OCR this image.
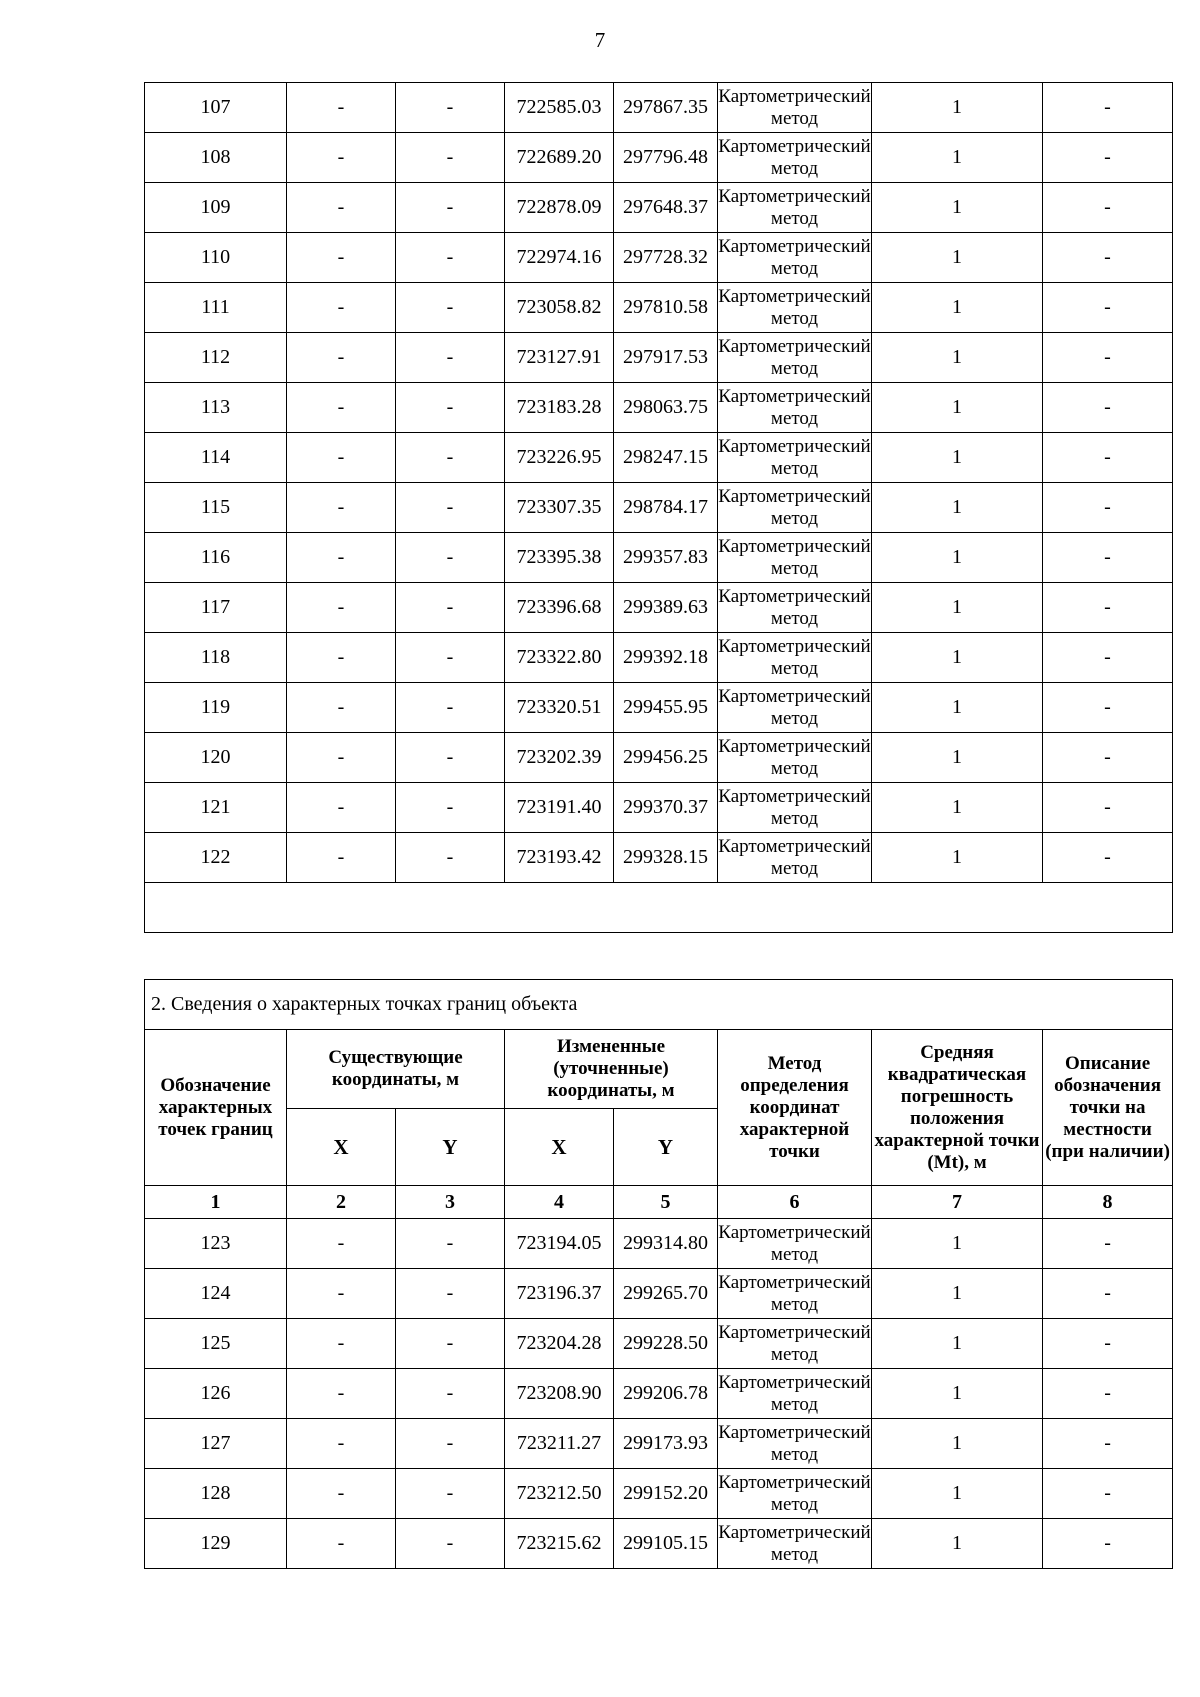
7
107	-	-	722585.03	297867.35	Картометрический метод	1	-
108	-	-	722689.20	297796.48	Картометрический метод	1	-
109	-	-	722878.09	297648.37	Картометрический метод	1	-
110	-	-	722974.16	297728.32	Картометрический метод	1	-
111	-	-	723058.82	297810.58	Картометрический метод	1	-
112	-	-	723127.91	297917.53	Картометрический метод	1	-
113	-	-	723183.28	298063.75	Картометрический метод	1	-
114	-	-	723226.95	298247.15	Картометрический метод	1	-
115	-	-	723307.35	298784.17	Картометрический метод	1	-
116	-	-	723395.38	299357.83	Картометрический метод	1	-
117	-	-	723396.68	299389.63	Картометрический метод	1	-
118	-	-	723322.80	299392.18	Картометрический метод	1	-
119	-	-	723320.51	299455.95	Картометрический метод	1	-
120	-	-	723202.39	299456.25	Картометрический метод	1	-
121	-	-	723191.40	299370.37	Картометрический метод	1	-
122	-	-	723193.42	299328.15	Картометрический метод	1	-

2. Сведения о характерных точках границ объекта							
Обозначение характерных точек границ	Существующие координаты, м		Измененные (уточненные) координаты, м		Метод определения координат характерной точки	Средняя квадратическая погрешность положения характерной точки (Mt), м	Описание обозначения точки на местности (при наличии)
	X	Y	X	Y			
1	2	3	4	5	6	7	8
123	-	-	723194.05	299314.80	Картометрический метод	1	-
124	-	-	723196.37	299265.70	Картометрический метод	1	-
125	-	-	723204.28	299228.50	Картометрический метод	1	-
126	-	-	723208.90	299206.78	Картометрический метод	1	-
127	-	-	723211.27	299173.93	Картометрический метод	1	-
128	-	-	723212.50	299152.20	Картометрический метод	1	-
129	-	-	723215.62	299105.15	Картометрический метод	1	-
